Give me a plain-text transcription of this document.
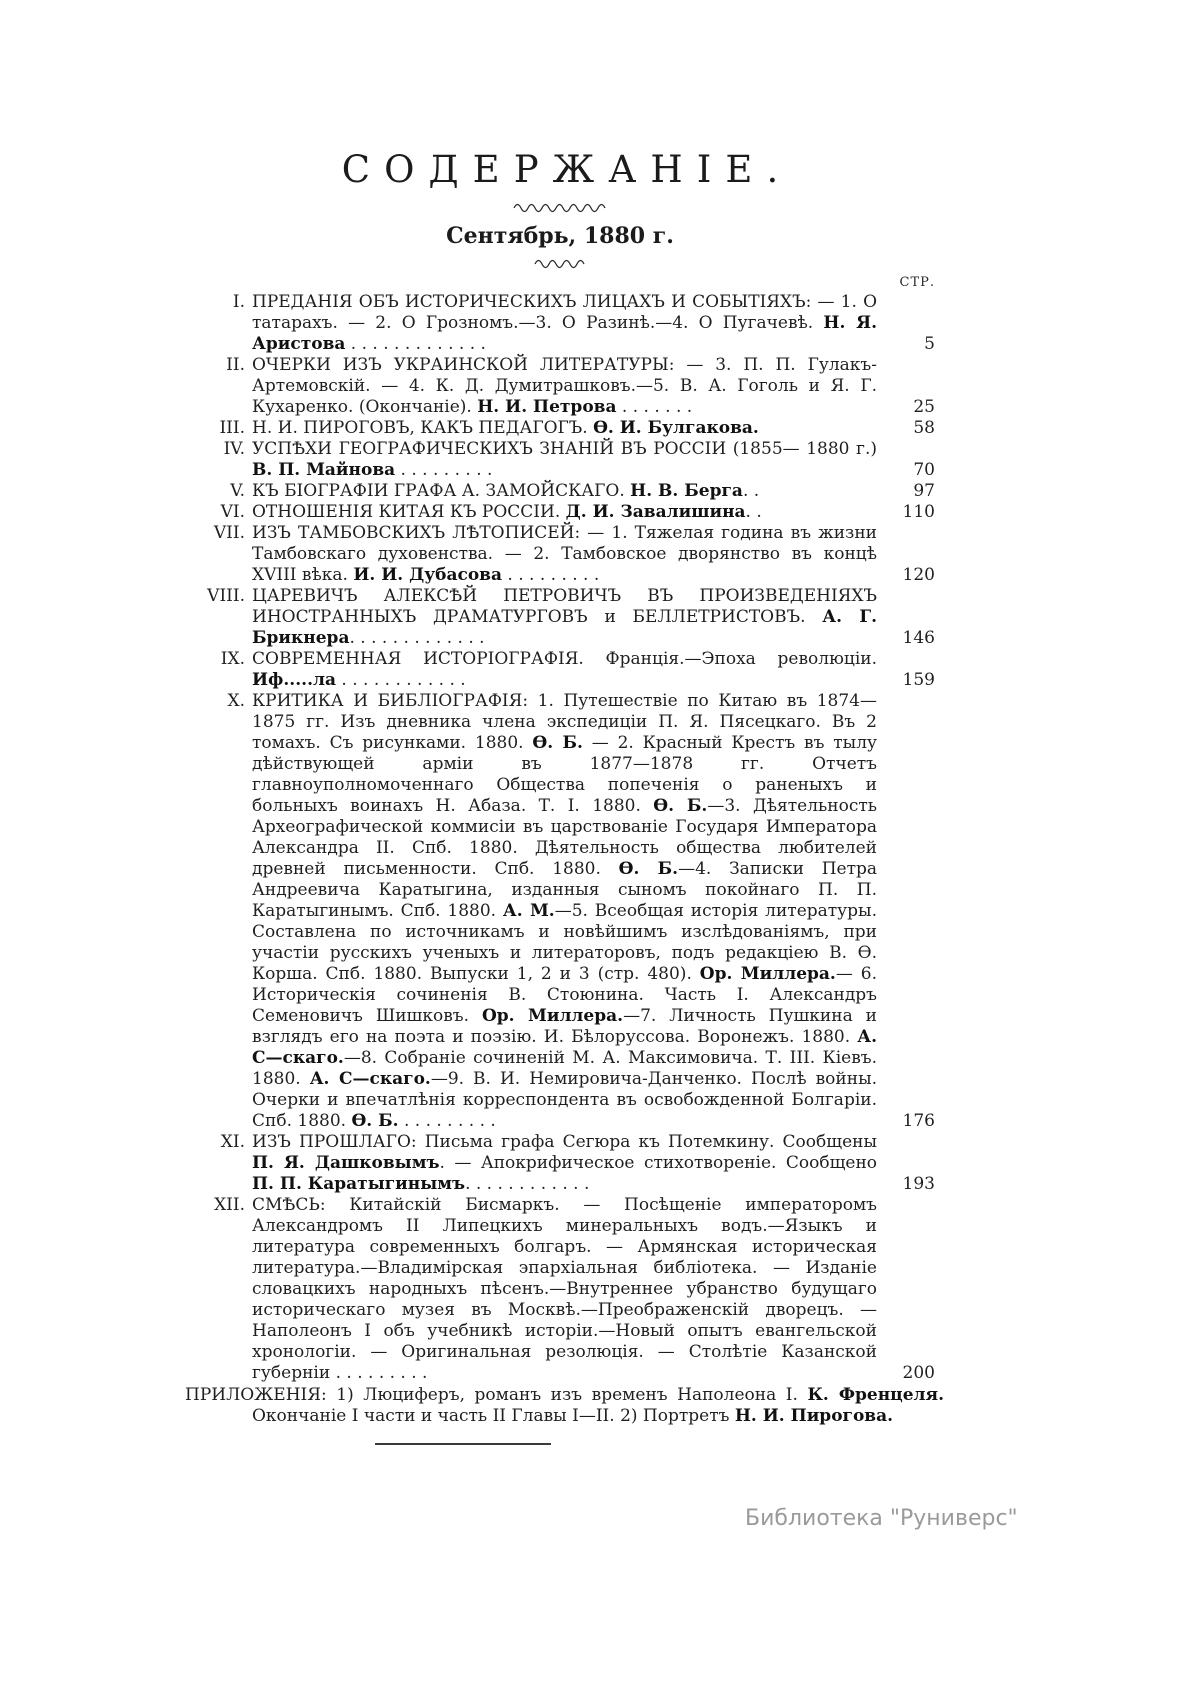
СОДЕРЖАНІЕ.
Сентябрь, 1880 г.
СТР.
I. ПРЕДАНІЯ ОБЪ ИСТОРИЧЕСКИХЪ ЛИЦАХЪ И СОБЫТІЯХЪ: — 1. О татарахъ. — 2. О Грозномъ.—3. О Разинѣ.—4. О Пугачевѣ. Н. Я. Аристова . . . . . . . . . . . . .	5
II. ОЧЕРКИ ИЗЪ УКРАИНСКОЙ ЛИТЕРАТУРЫ: — 3. П. П. Гулакъ-Артемовскій. — 4. К. Д. Думитрашковъ.—5. В. А. Гоголь и Я. Г. Кухаренко. (Окончаніе). Н. И. Петрова . . . . . . .	25
III. Н. И. ПИРОГОВЪ, КАКЪ ПЕДАГОГЪ. Ѳ. И. Булгакова.	58
IV. УСПѢХИ ГЕОГРАФИЧЕСКИХЪ ЗНАНІЙ ВЪ РОССІИ (1855— 1880 г.) В. П. Майнова . . . . . . . . .	70
V. КЪ БІОГРАФІИ ГРАФА А. ЗАМОЙСКАГО. Н. В. Берга. .	97
VI. ОТНОШЕНІЯ КИТАЯ КЪ РОССІИ. Д. И. Завалишина. .	110
VII. ИЗЪ ТАМБОВСКИХЪ ЛѢТОПИСЕЙ: — 1. Тяжелая година въ жизни Тамбовскаго духовенства. — 2. Тамбовское дворянство въ концѣ XVIII вѣка. И. И. Дубасова . . . . . . . . .	120
VIII. ЦАРЕВИЧЪ АЛЕКСѢЙ ПЕТРОВИЧЪ ВЪ ПРОИЗВЕДЕНІЯХЪ ИНОСТРАННЫХЪ ДРАМАТУРГОВЪ и БЕЛЛЕТРИСТОВЪ. А. Г. Брикнера. . . . . . . . . . . . .	146
IX. СОВРЕМЕННАЯ ИСТОРІОГРАФІЯ. Франція.—Эпоха революціи. Иф.....ла . . . . . . . . . . . .	159
X. КРИТИКА И БИБЛІОГРАФІЯ: 1. Путешествіе по Китаю въ 1874—1875 гг. Изъ дневника члена экспедиціи П. Я. Пясецкаго. Въ 2 томахъ. Съ рисунками. 1880. Ѳ. Б. — 2. Красный Крестъ въ тылу дѣйствующей арміи въ 1877—1878 гг. Отчетъ главноуполномоченнаго Общества попеченія о раненыхъ и больныхъ воинахъ Н. Абаза. Т. I. 1880. Ѳ. Б.—3. Дѣятельность Археографической коммисіи въ царствованіе Государя Императора Александра II. Спб. 1880. Дѣятельность общества любителей древней письменности. Спб. 1880. Ѳ. Б.—4. Записки Петра Андреевича Каратыгина, изданныя сыномъ покойнаго П. П. Каратыгинымъ. Спб. 1880. А. М.—5. Всеобщая исторія литературы. Составлена по источникамъ и новѣйшимъ изслѣдованіямъ, при участіи русскихъ ученыхъ и литераторовъ, подъ редакціею В. Ѳ. Корша. Спб. 1880. Выпуски 1, 2 и 3 (стр. 480). Ор. Миллера.— 6. Историческія сочиненія В. Стоюнина. Часть I. Александръ Семеновичъ Шишковъ. Ор. Миллера.—7. Личность Пушкина и взглядъ его на поэта и поэзію. И. Бѣлоруссова. Воронежъ. 1880. А. С—скаго.—8. Собраніе сочиненій М. А. Максимовича. Т. III. Кіевъ. 1880. А. С—скаго.—9. В. И. Немировича-Данченко. Послѣ войны. Очерки и впечатлѣнія корреспондента въ освобожденной Болгаріи. Спб. 1880. Ѳ. Б. . . . . . . . . .	176
XI. ИЗЪ ПРОШЛАГО: Письма графа Сегюра къ Потемкину. Сообщены П. Я. Дашковымъ. — Апокрифическое стихотвореніе. Сообщено П. П. Каратыгинымъ. . . . . . . . . . . .	193
XII. СМѢСЬ: Китайскій Бисмаркъ. — Посѣщеніе императоромъ Александромъ II Липецкихъ минеральныхъ водъ.—Языкъ и литература современныхъ болгаръ. — Армянская историческая литература.—Владимірская эпархіальная библіотека. — Изданіе словацкихъ народныхъ пѣсенъ.—Внутреннее убранство будущаго историческаго музея въ Москвѣ.—Преображенскій дворецъ. — Наполеонъ I объ учебникѣ исторіи.—Новый опытъ евангельской хронологіи. — Оригинальная резолюція. — Столѣтіе Казанской губерніи . . . . . . . . .	200
ПРИЛОЖЕНІЯ: 1) Люциферъ, романъ изъ временъ Наполеона I. К. Френцеля. Окончаніе I части и часть II Главы I—II. 2) Портретъ Н. И. Пирогова.
Библиотека "Руниверс"
